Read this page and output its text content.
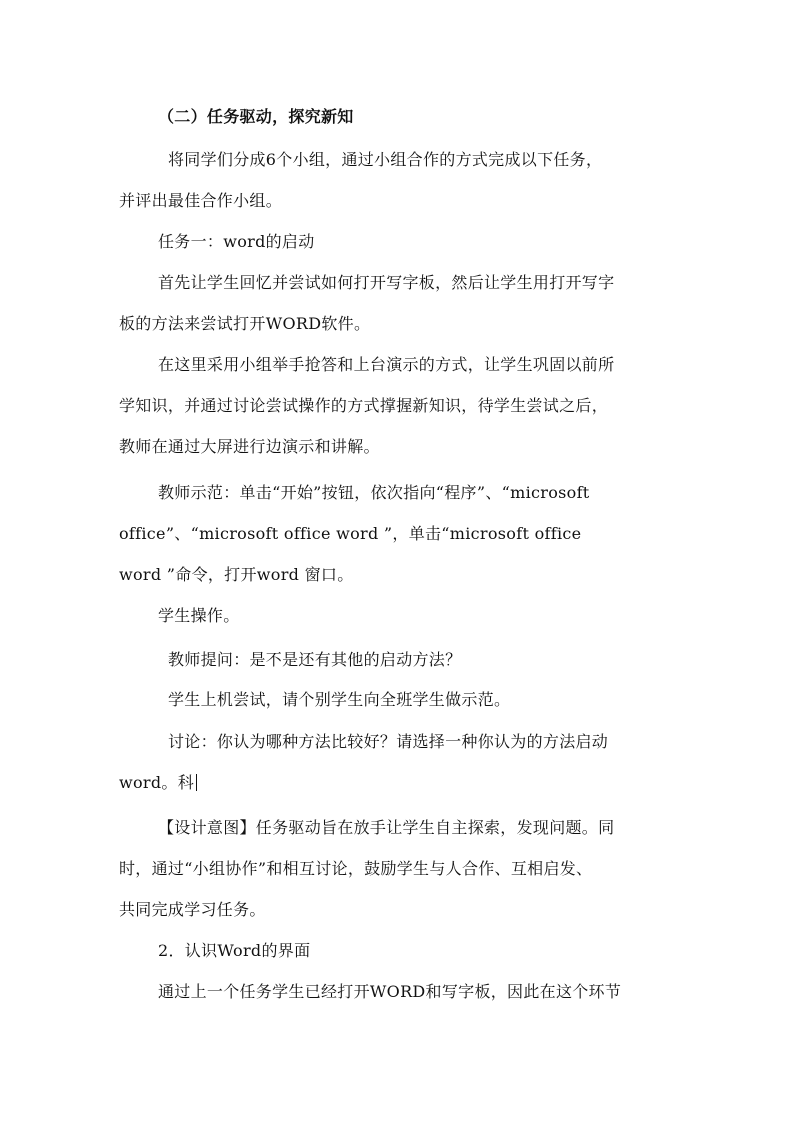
（二）任务驱动，探究新知
将同学们分成6个小组，通过小组合作的方式完成以下任务，
并评出最佳合作小组。
任务一：word的启动
首先让学生回忆并尝试如何打开写字板，然后让学生用打开写字
板的方法来尝试打开WORD软件。
在这里采用小组举手抢答和上台演示的方式，让学生巩固以前所
学知识，并通过讨论尝试操作的方式撑握新知识，待学生尝试之后，
教师在通过大屏进行边演示和讲解。
教师示范：单击“开始”按钮，依次指向“程序”、“microsoft
office”、“microsoft office word ”，单击“microsoft office
word ”命令，打开word 窗口。
学生操作。
教师提问：是不是还有其他的启动方法？
学生上机尝试，请个别学生向全班学生做示范。
讨论：你认为哪种方法比较好？请选择一种你认为的方法启动
word。科
【设计意图】任务驱动旨在放手让学生自主探索，发现问题。同
时，通过“小组协作”和相互讨论，鼓励学生与人合作、互相启发、
共同完成学习任务。
2．认识Word的界面
通过上一个任务学生已经打开WORD和写字板，因此在这个环节
